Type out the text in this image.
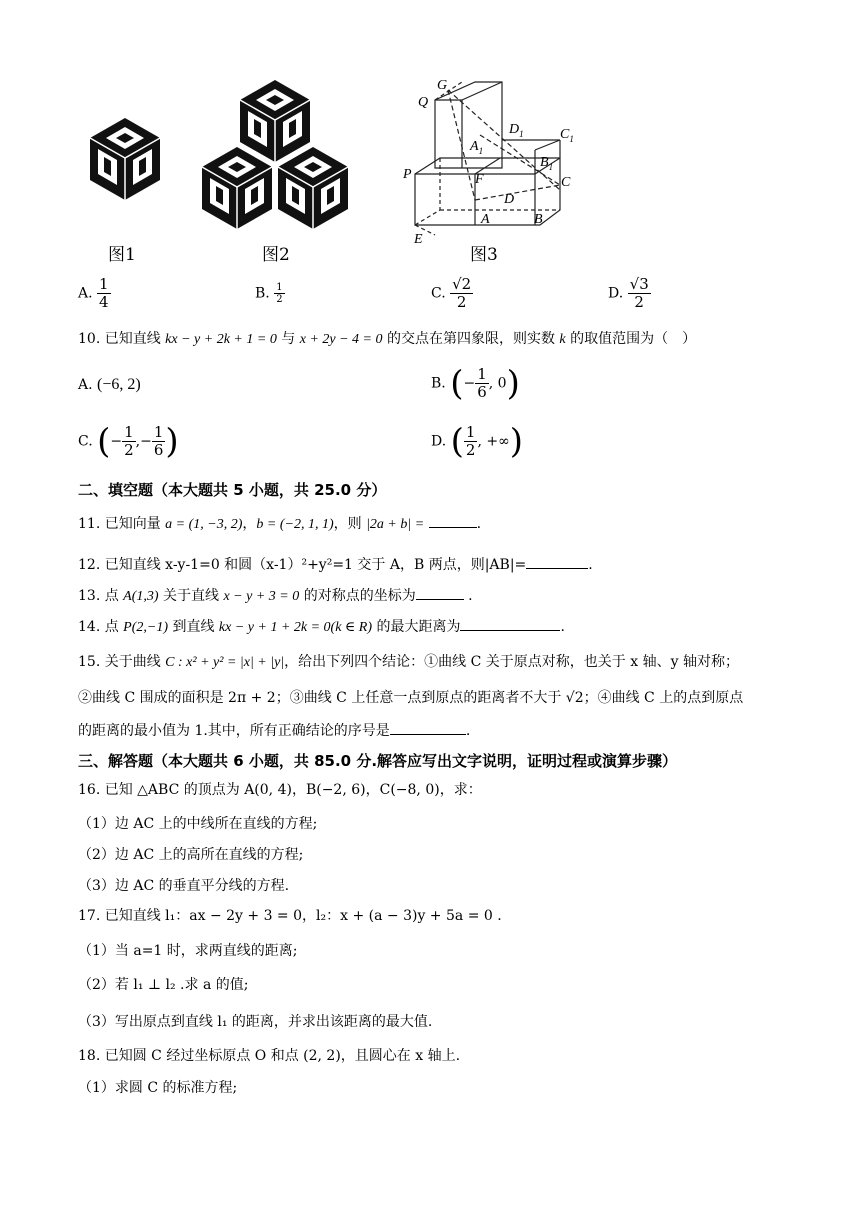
G
Q
$D_1$	$C_1$
$A_1$
$B_1$
P	F	C
D
A	B
E
图1	图2	图3
A. $\frac{1}{4}$	B. $\frac{1}{2}$	C. $\frac{√2}{2}$	D. $\frac{√3}{2}$
10. 已知直线 kx − y + 2k + 1 = 0 与 x + 2y − 4 = 0 的交点在第四象限，则实数 k 的取值范围为（　）
A. (−6, 2)	B. (− $\frac{1}{6}$ , 0)
C. (− $\frac{1}{2}$ ,− $\frac{1}{6}$ )	D. ( $\frac{1}{2}$ , +∞)
二、填空题（本大题共 5 小题，共 25.0 分）
11. 已知向量 a = (1, −3, 2)，b = (−2, 1, 1)，则 |2a + b| =	.
12. 已知直线 x-y-1=0 和圆（x-1）²+y²=1 交于 A，B 两点，则|AB|=	.
13. 点 A(1,3) 关于直线 x − y + 3 = 0 的对称点的坐标为	.
14. 点 P(2,−1) 到直线 kx − y + 1 + 2k = 0(k ∈ R) 的最大距离为	.
15. 关于曲线 C : x² + y² = |x| + |y|，给出下列四个结论：①曲线 C 关于原点对称，也关于 x 轴、y 轴对称；
②曲线 C 围成的面积是 2π + 2；③曲线 C 上任意一点到原点的距离者不大于 √2；④曲线 C 上的点到原点
的距离的最小值为 1.其中，所有正确结论的序号是	.
三、解答题（本大题共 6 小题，共 85.0 分.解答应写出文字说明，证明过程或演算步骤）
16. 已知 △ABC 的顶点为 A(0, 4)，B(−2, 6)，C(−8, 0)，求：
（1）边 AC 上的中线所在直线的方程;
（2）边 AC 上的高所在直线的方程;
（3）边 AC 的垂直平分线的方程.
17. 已知直线 l₁：ax − 2y + 3 = 0，l₂：x + (a − 3)y + 5a = 0 .
（1）当 a=1 时，求两直线的距离;
（2）若 l₁ ⊥ l₂ .求 a 的值;
（3）写出原点到直线 l₁ 的距离，并求出该距离的最大值.
18. 已知圆 C 经过坐标原点 O 和点 (2, 2)，且圆心在 x 轴上.
（1）求圆 C 的标准方程;
